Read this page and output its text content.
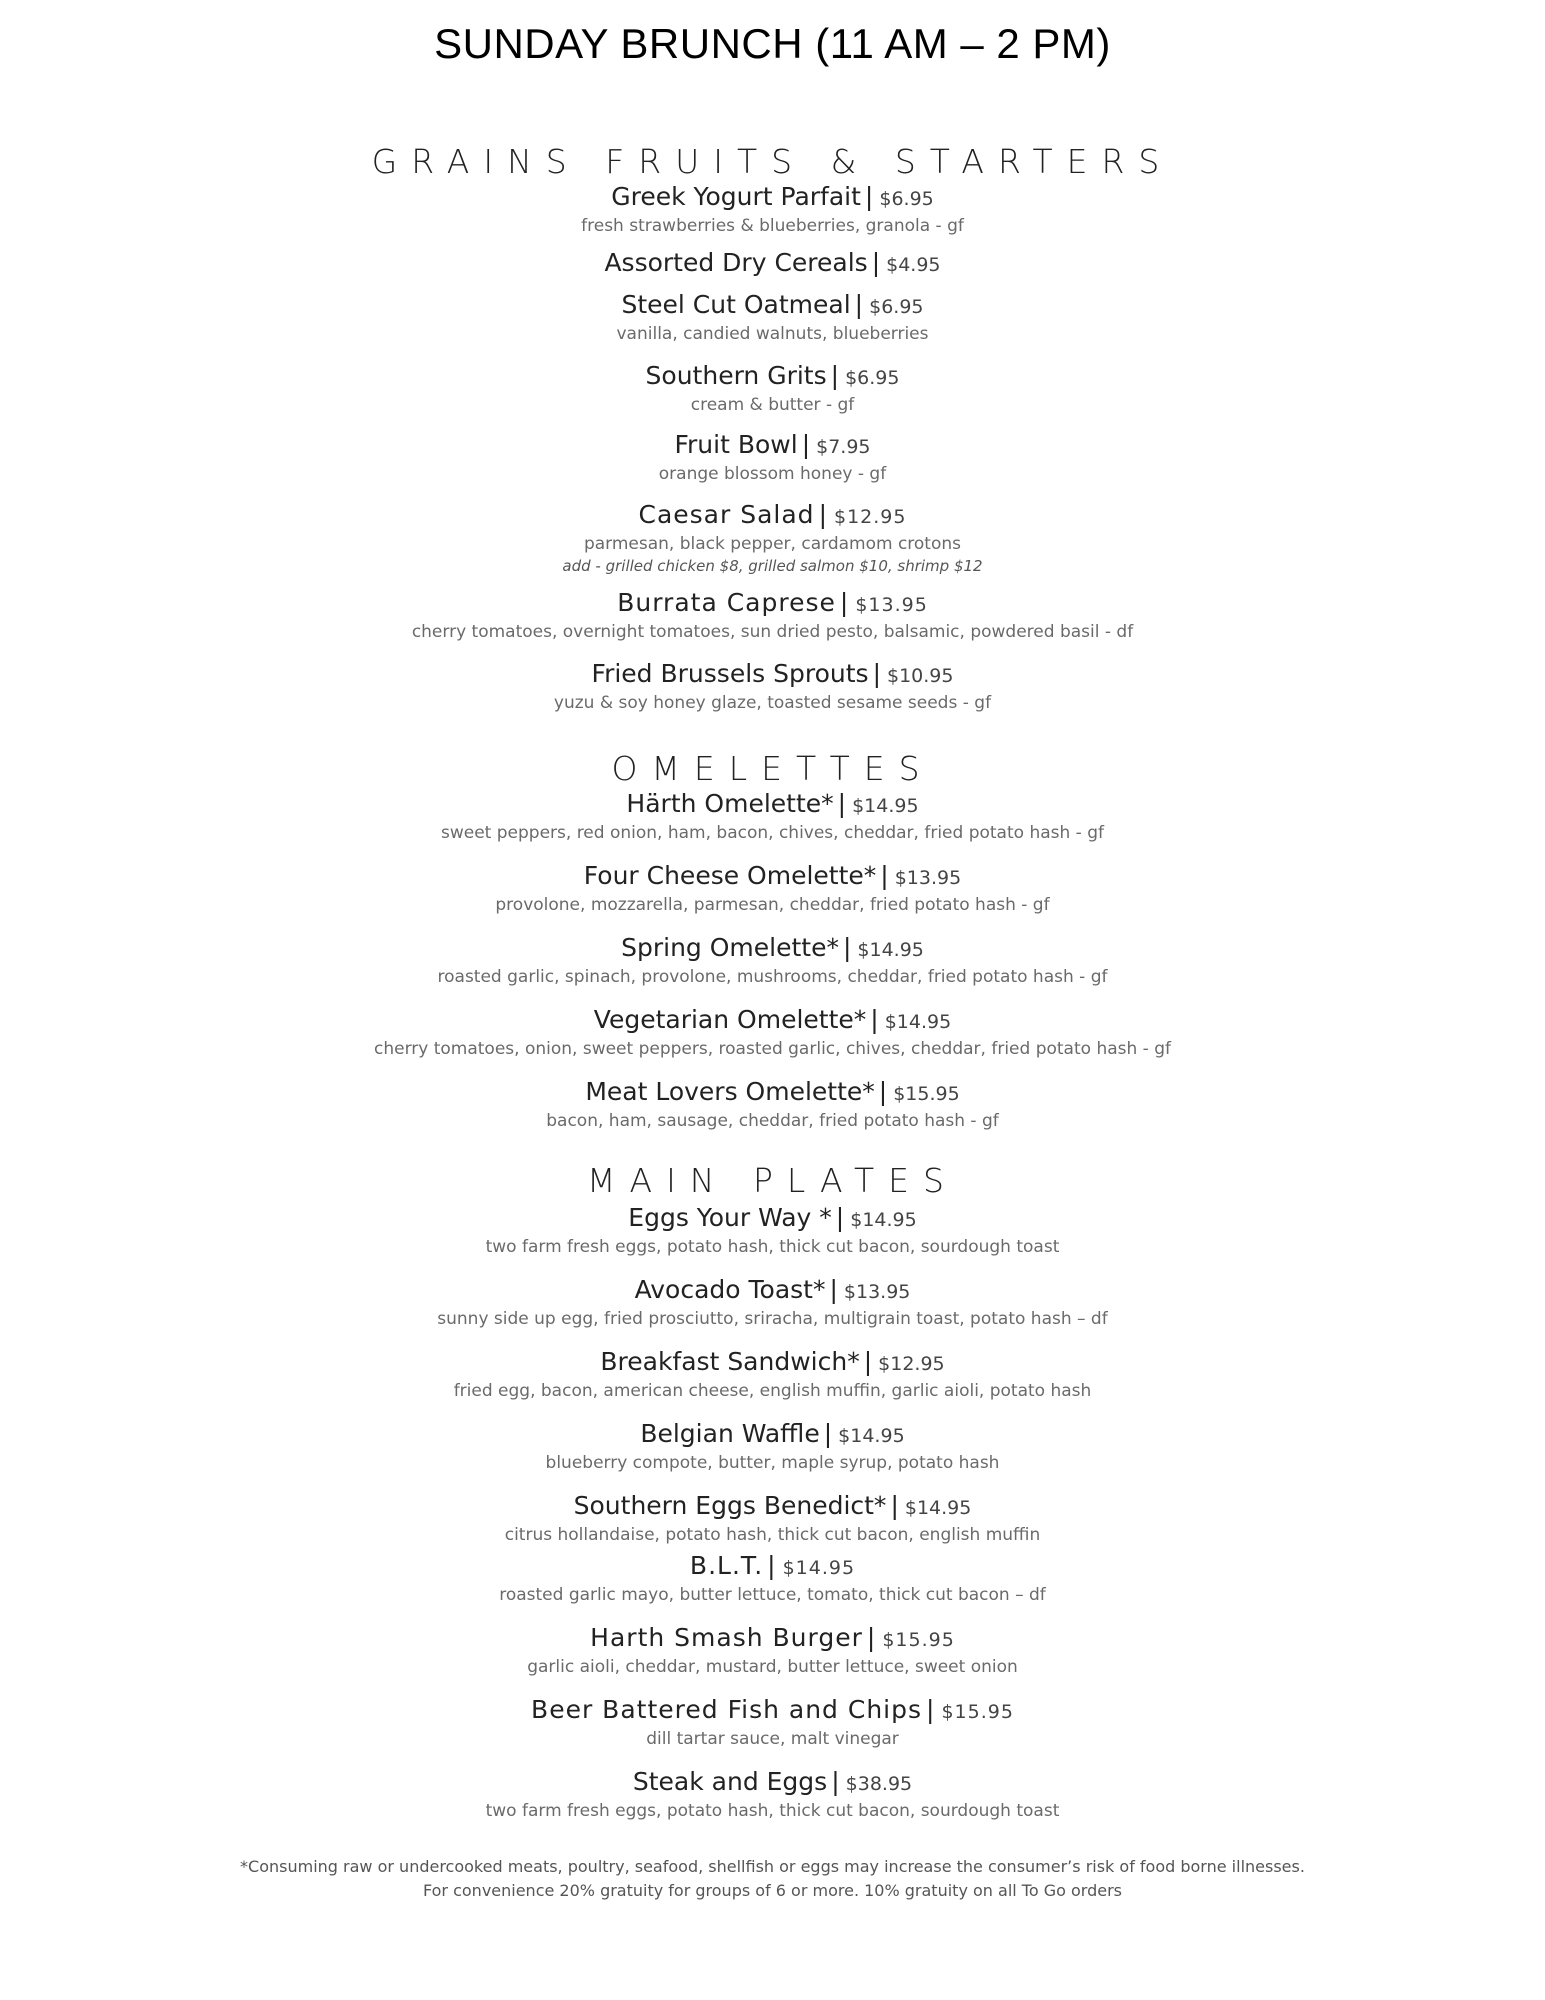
SUNDAY BRUNCH (11 AM – 2 PM)
GRAINS FRUITS & STARTERS
Greek Yogurt Parfait | $6.95
fresh strawberries & blueberries, granola - gf
Assorted Dry Cereals | $4.95
Steel Cut Oatmeal | $6.95
vanilla, candied walnuts, blueberries
Southern Grits | $6.95
cream & butter - gf
Fruit Bowl | $7.95
orange blossom honey - gf
Caesar Salad | $12.95
parmesan, black pepper, cardamom crotons
add - grilled chicken $8, grilled salmon $10, shrimp $12
Burrata Caprese | $13.95
cherry tomatoes, overnight tomatoes, sun dried pesto, balsamic, powdered basil - df
Fried Brussels Sprouts | $10.95
yuzu & soy honey glaze, toasted sesame seeds - gf
OMELETTES
Härth Omelette* | $14.95
sweet peppers, red onion, ham, bacon, chives, cheddar, fried potato hash - gf
Four Cheese Omelette* | $13.95
provolone, mozzarella, parmesan, cheddar, fried potato hash - gf
Spring Omelette* | $14.95
roasted garlic, spinach, provolone, mushrooms, cheddar, fried potato hash - gf
Vegetarian Omelette* | $14.95
cherry tomatoes, onion, sweet peppers, roasted garlic, chives, cheddar, fried potato hash - gf
Meat Lovers Omelette* | $15.95
bacon, ham, sausage, cheddar, fried potato hash - gf
MAIN PLATES
Eggs Your Way * | $14.95
two farm fresh eggs, potato hash, thick cut bacon, sourdough toast
Avocado Toast* | $13.95
sunny side up egg, fried prosciutto, sriracha, multigrain toast, potato hash – df
Breakfast Sandwich* | $12.95
fried egg, bacon, american cheese, english muffin, garlic aioli, potato hash
Belgian Waffle | $14.95
blueberry compote, butter, maple syrup, potato hash
Southern Eggs Benedict* | $14.95
citrus hollandaise, potato hash, thick cut bacon, english muffin
B.L.T. | $14.95
roasted garlic mayo, butter lettuce, tomato, thick cut bacon – df
Harth Smash Burger | $15.95
garlic aioli, cheddar, mustard, butter lettuce, sweet onion
Beer Battered Fish and Chips | $15.95
dill tartar sauce, malt vinegar
Steak and Eggs | $38.95
two farm fresh eggs, potato hash, thick cut bacon, sourdough toast
*Consuming raw or undercooked meats, poultry, seafood, shellfish or eggs may increase the consumer’s risk of food borne illnesses.
For convenience 20% gratuity for groups of 6 or more. 10% gratuity on all To Go orders
